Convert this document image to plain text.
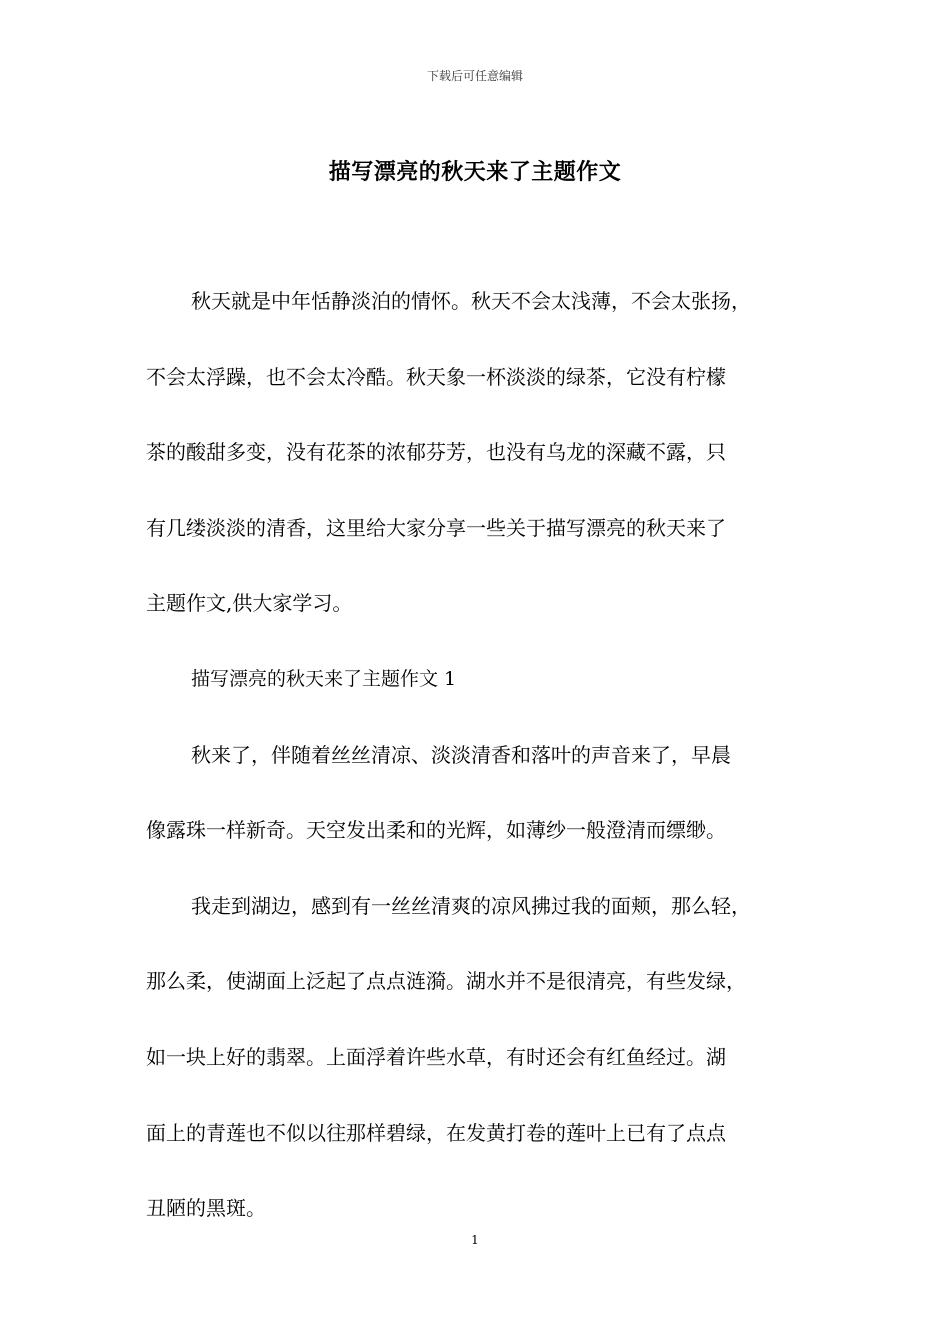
下载后可任意编辑
描写漂亮的秋天来了主题作文
秋天就是中年恬静淡泊的情怀。秋天不会太浅薄，不会太张扬，
不会太浮躁，也不会太冷酷。秋天象一杯淡淡的绿茶，它没有柠檬
茶的酸甜多变，没有花茶的浓郁芬芳，也没有乌龙的深藏不露，只
有几缕淡淡的清香，这里给大家分享一些关于描写漂亮的秋天来了
主题作文,供大家学习。
描写漂亮的秋天来了主题作文 1
秋来了，伴随着丝丝清凉、淡淡清香和落叶的声音来了，早晨
像露珠一样新奇。天空发出柔和的光辉，如薄纱一般澄清而缥缈。
我走到湖边，感到有一丝丝清爽的凉风拂过我的面颊，那么轻，
那么柔，使湖面上泛起了点点涟漪。湖水并不是很清亮，有些发绿，
如一块上好的翡翠。上面浮着许些水草，有时还会有红鱼经过。湖
面上的青莲也不似以往那样碧绿，在发黄打卷的莲叶上已有了点点
丑陋的黑斑。
1
